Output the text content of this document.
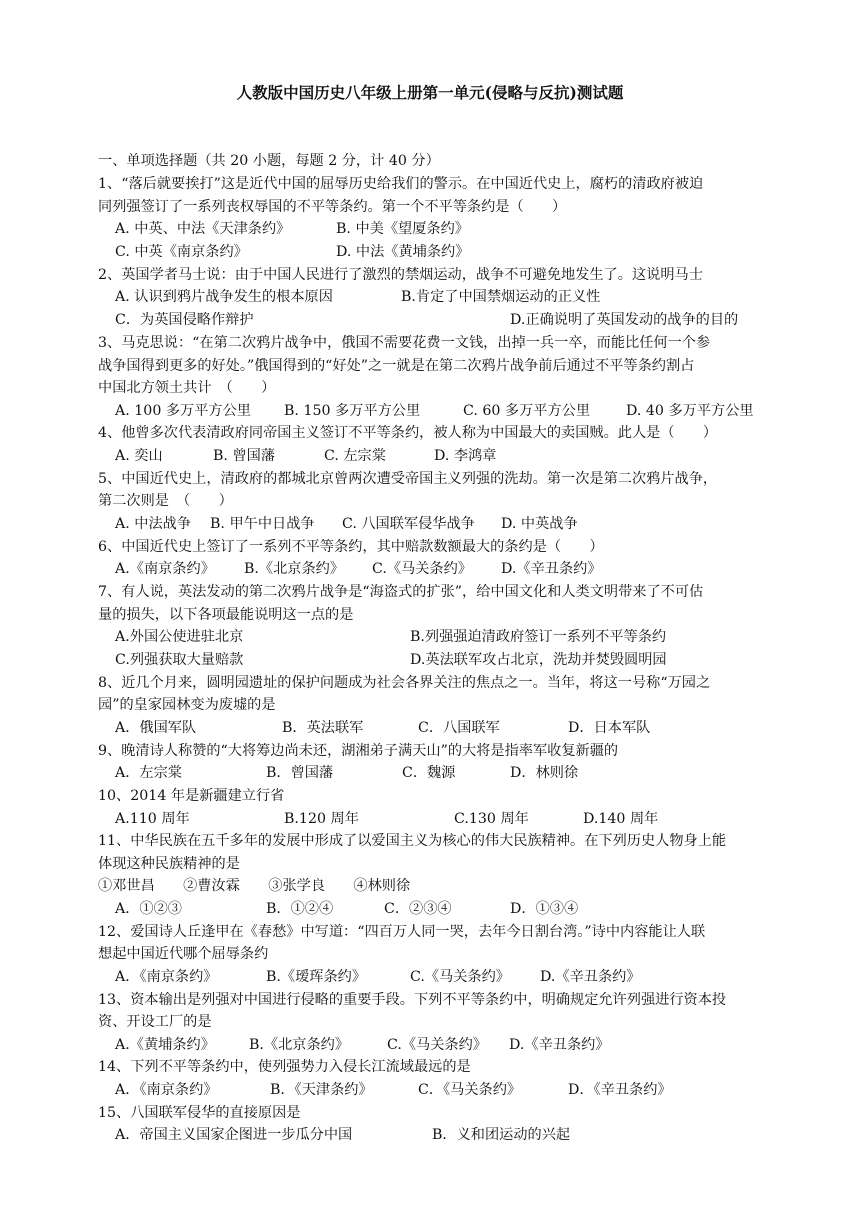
人教版中国历史八年级上册第一单元(侵略与反抗)测试题
一、单项选择题（共 20 小题，每题 2 分，计 40 分）
1、“落后就要挨打”这是近代中国的屈辱历史给我们的警示。在中国近代史上，腐朽的清政府被迫
同列强签订了一系列丧权辱国的不平等条约。第一个不平等条约是（　　）
A. 中英、中法《天津条约》	B. 中美《望厦条约》
C. 中英《南京条约》	D. 中法《黄埔条约》
2、英国学者马士说：由于中国人民进行了激烈的禁烟运动，战争不可避免地发生了。这说明马士
A. 认识到鸦片战争发生的根本原因	B.肯定了中国禁烟运动的正义性
C．为英国侵略作辩护	D.正确说明了英国发动的战争的目的
3、马克思说：“在第二次鸦片战争中，俄国不需要花费一文钱，出掉一兵一卒，而能比任何一个参
战争国得到更多的好处。”俄国得到的“好处”之一就是在第二次鸦片战争前后通过不平等条约割占
中国北方领土共计　（　　）
A. 100 多万平方公里 B. 150 多万平方公里	C. 60 多万平方公里	D. 40 多万平方公里
4、他曾多次代表清政府同帝国主义签订不平等条约，被人称为中国最大的卖国贼。此人是（　　）
A. 奕山	B. 曾国藩	C. 左宗棠	D. 李鸿章
5、中国近代史上，清政府的都城北京曾两次遭受帝国主义列强的洗劫。第一次是第二次鸦片战争，
第二次则是　（　　）
A. 中法战争 B. 甲午中日战争 C. 八国联军侵华战争 D. 中英战争
6、中国近代史上签订了一系列不平等条约，其中赔款数额最大的条约是（　　）
A.《南京条约》 B.《北京条约》 C.《马关条约》 D.《辛丑条约》
7、有人说，英法发动的第二次鸦片战争是“海盗式的扩张”，给中国文化和人类文明带来了不可估
量的损失，以下各项最能说明这一点的是
A.外国公使进驻北京	B.列强强迫清政府签订一系列不平等条约
C.列强获取大量赔款	D.英法联军攻占北京，洗劫并焚毁圆明园
8、近几个月来，圆明园遗址的保护问题成为社会各界关注的焦点之一。当年，将这一号称“万园之
园”的皇家园林变为废墟的是
A．俄国军队	B．英法联军	C．八国联军	D．日本军队
9、晚清诗人称赞的“大将筹边尚未还，湖湘弟子满天山”的大将是指率军收复新疆的
A．左宗棠	B．曾国藩	C．魏源	D．林则徐
10、2014 年是新疆建立行省
A.110 周年	B.120 周年	C.130 周年	D.140 周年
11、中华民族在五千多年的发展中形成了以爱国主义为核心的伟大民族精神。在下列历史人物身上能
体现这种民族精神的是
①邓世昌　　②曹汝霖　　③张学良　　④林则徐
A．①②③	B．①②④	C．②③④	D．①③④
12、爱国诗人丘逢甲在《春愁》中写道：“四百万人同一哭，去年今日割台湾。”诗中内容能让人联
想起中国近代哪个屈辱条约
A．《南京条约》	B.《瑷珲条约》	C.《马关条约》 D.《辛丑条约》
13、资本输出是列强对中国进行侵略的重要手段。下列不平等条约中，明确规定允许列强进行资本投
资、开设工厂的是
A.《黄埔条约》 B.《北京条约》	C.《马关条约》 D.《辛丑条约》
14、下列不平等条约中，使列强势力入侵长江流域最远的是
A．《南京条约》	B．《天津条约》	C．《马关条约》	D．《辛丑条约》
15、八国联军侵华的直接原因是
A．帝国主义国家企图进一步瓜分中国	B．义和团运动的兴起
